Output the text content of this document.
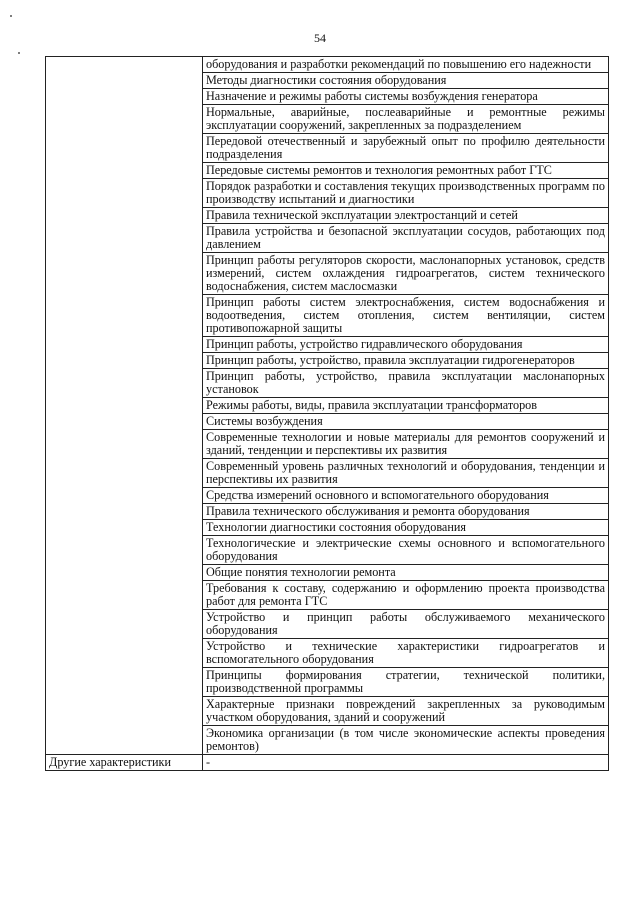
54

	оборудования и разработки рекомендаций по повышению его надежности

	Методы диагностики состояния оборудования

	Назначение и режимы работы системы возбуждения генератора

	Нормальные, аварийные, послеаварийные и ремонтные режимы эксплуатации сооружений, закрепленных за подразделением

	Передовой отечественный и зарубежный опыт по профилю деятельности подразделения

	Передовые системы ремонтов и технология ремонтных работ ГТС

	Порядок разработки и составления текущих производственных программ по производству испытаний и диагностики

	Правила технической эксплуатации электростанций и сетей

	Правила устройства и безопасной эксплуатации сосудов, работающих под давлением

	Принцип работы регуляторов скорости, маслонапорных установок, средств измерений, систем охлаждения гидроагрегатов, систем технического водоснабжения, систем маслосмазки

	Принцип работы систем электроснабжения, систем водоснабжения и водоотведения, систем отопления, систем вентиляции, систем противопожарной защиты

	Принцип работы, устройство гидравлического оборудования

	Принцип работы, устройство, правила эксплуатации гидрогенераторов

	Принцип работы, устройство, правила эксплуатации маслонапорных установок

	Режимы работы, виды, правила эксплуатации трансформаторов

	Системы возбуждения

	Современные технологии и новые материалы для ремонтов сооружений и зданий, тенденции и перспективы их развития

	Современный уровень различных технологий и оборудования, тенденции и перспективы их развития

	Средства измерений основного и вспомогательного оборудования

	Правила технического обслуживания и ремонта оборудования

	Технологии диагностики состояния оборудования

	Технологические и электрические схемы основного и вспомогательного оборудования

	Общие понятия технологии ремонта

	Требования к составу, содержанию и оформлению проекта производства работ для ремонта ГТС

	Устройство и принцип работы обслуживаемого механического оборудования

	Устройство и технические характеристики гидроагрегатов и вспомогательного оборудования

	Принципы формирования стратегии, технической политики, производственной программы

	Характерные признаки повреждений закрепленных за руководимым участком оборудования, зданий и сооружений

	Экономика организации (в том числе экономические аспекты проведения ремонтов)

Другие характеристики	-
